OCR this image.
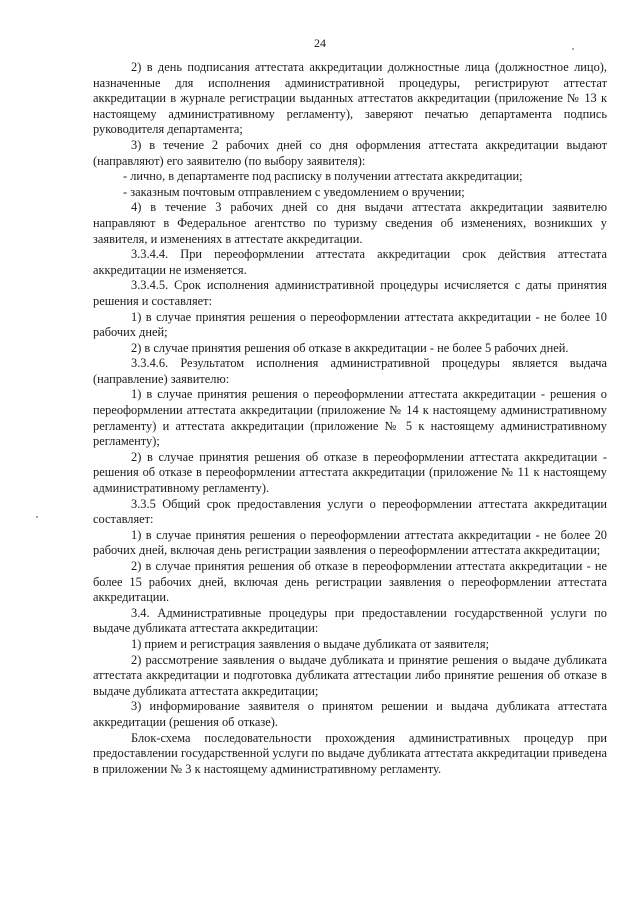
24

2) в день подписания аттестата аккредитации должностные лица (должностное лицо), назначенные для исполнения административной процедуры, регистрируют аттестат аккредитации в журнале регистрации выданных аттестатов аккредитации (приложение № 13 к настоящему административному регламенту), заверяют печатью департамента подпись руководителя департамента;

3) в течение 2 рабочих дней со дня оформления аттестата аккредитации выдают (направляют) его заявителю (по выбору заявителя):

- лично, в департаменте под расписку в получении аттестата аккредитации;

- заказным почтовым отправлением с уведомлением о вручении;

4) в течение 3 рабочих дней со дня выдачи аттестата аккредитации заявителю направляют в Федеральное агентство по туризму сведения об изменениях, возникших у заявителя, и изменениях в аттестате аккредитации.

3.3.4.4. При переоформлении аттестата аккредитации срок действия аттестата аккредитации не изменяется.

3.3.4.5. Срок исполнения административной процедуры исчисляется с даты принятия решения и составляет:

1) в случае принятия решения о переоформлении аттестата аккредитации - не более 10 рабочих дней;

2) в случае принятия решения об отказе в аккредитации - не более 5 рабочих дней.

3.3.4.6. Результатом исполнения административной процедуры является выдача (направление) заявителю:

1) в случае принятия решения о переоформлении аттестата аккредитации - решения о переоформлении аттестата аккредитации (приложение № 14 к настоящему административному регламенту) и аттестата аккредитации (приложение № 5 к настоящему административному регламенту);

2) в случае принятия решения об отказе в переоформлении аттестата аккредитации - решения об отказе в переоформлении аттестата аккредитации (приложение № 11 к настоящему административному регламенту).

3.3.5 Общий срок предоставления услуги о переоформлении аттестата аккредитации составляет:

1) в случае принятия решения о переоформлении аттестата аккредитации - не более 20 рабочих дней, включая день регистрации заявления о переоформлении аттестата аккредитации;

2) в случае принятия решения об отказе в переоформлении аттестата аккредитации - не более 15 рабочих дней, включая день регистрации заявления о переоформлении аттестата аккредитации.

3.4. Административные процедуры при предоставлении государственной услуги по выдаче дубликата аттестата аккредитации:

1) прием и регистрация заявления о выдаче дубликата от заявителя;

2) рассмотрение заявления о выдаче дубликата и принятие решения о выдаче дубликата аттестата аккредитации и подготовка дубликата аттестации либо принятие решения об отказе в выдаче дубликата аттестата аккредитации;

3) информирование заявителя о принятом решении и выдача дубликата аттестата аккредитации (решения об отказе).

Блок-схема последовательности прохождения административных процедур при предоставлении государственной услуги по выдаче дубликата аттестата аккредитации приведена в приложении № 3 к настоящему административному регламенту.
